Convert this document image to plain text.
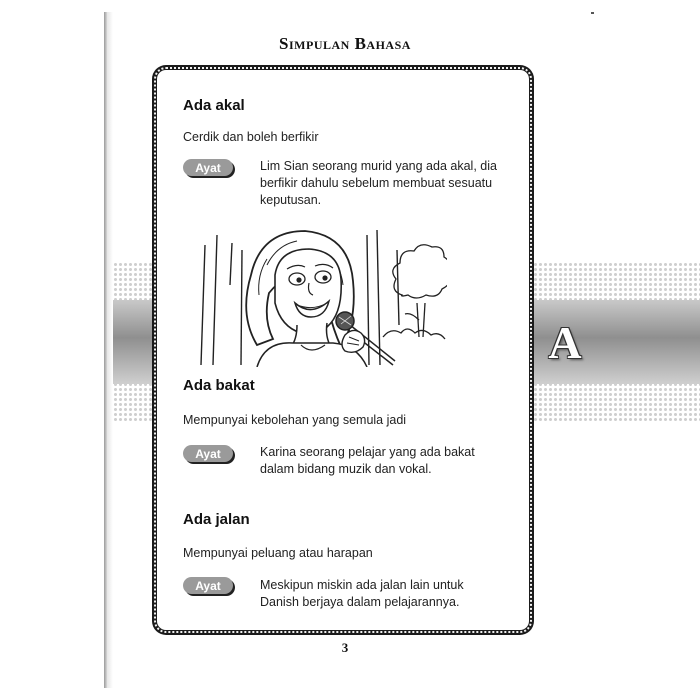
A
Simpulan Bahasa
Ada akal
Cerdik dan boleh berfikir
Ayat	Lim Sian seorang murid yang ada akal, dia berfikir dahulu sebelum membuat sesuatu keputusan.
Ada bakat
Mempunyai kebolehan yang semula jadi
Ayat	Karina seorang pelajar yang ada bakat dalam bidang muzik dan vokal.
Ada jalan
Mempunyai peluang atau harapan
Ayat	Meskipun miskin ada jalan lain untuk Danish berjaya dalam pelajarannya.
3
